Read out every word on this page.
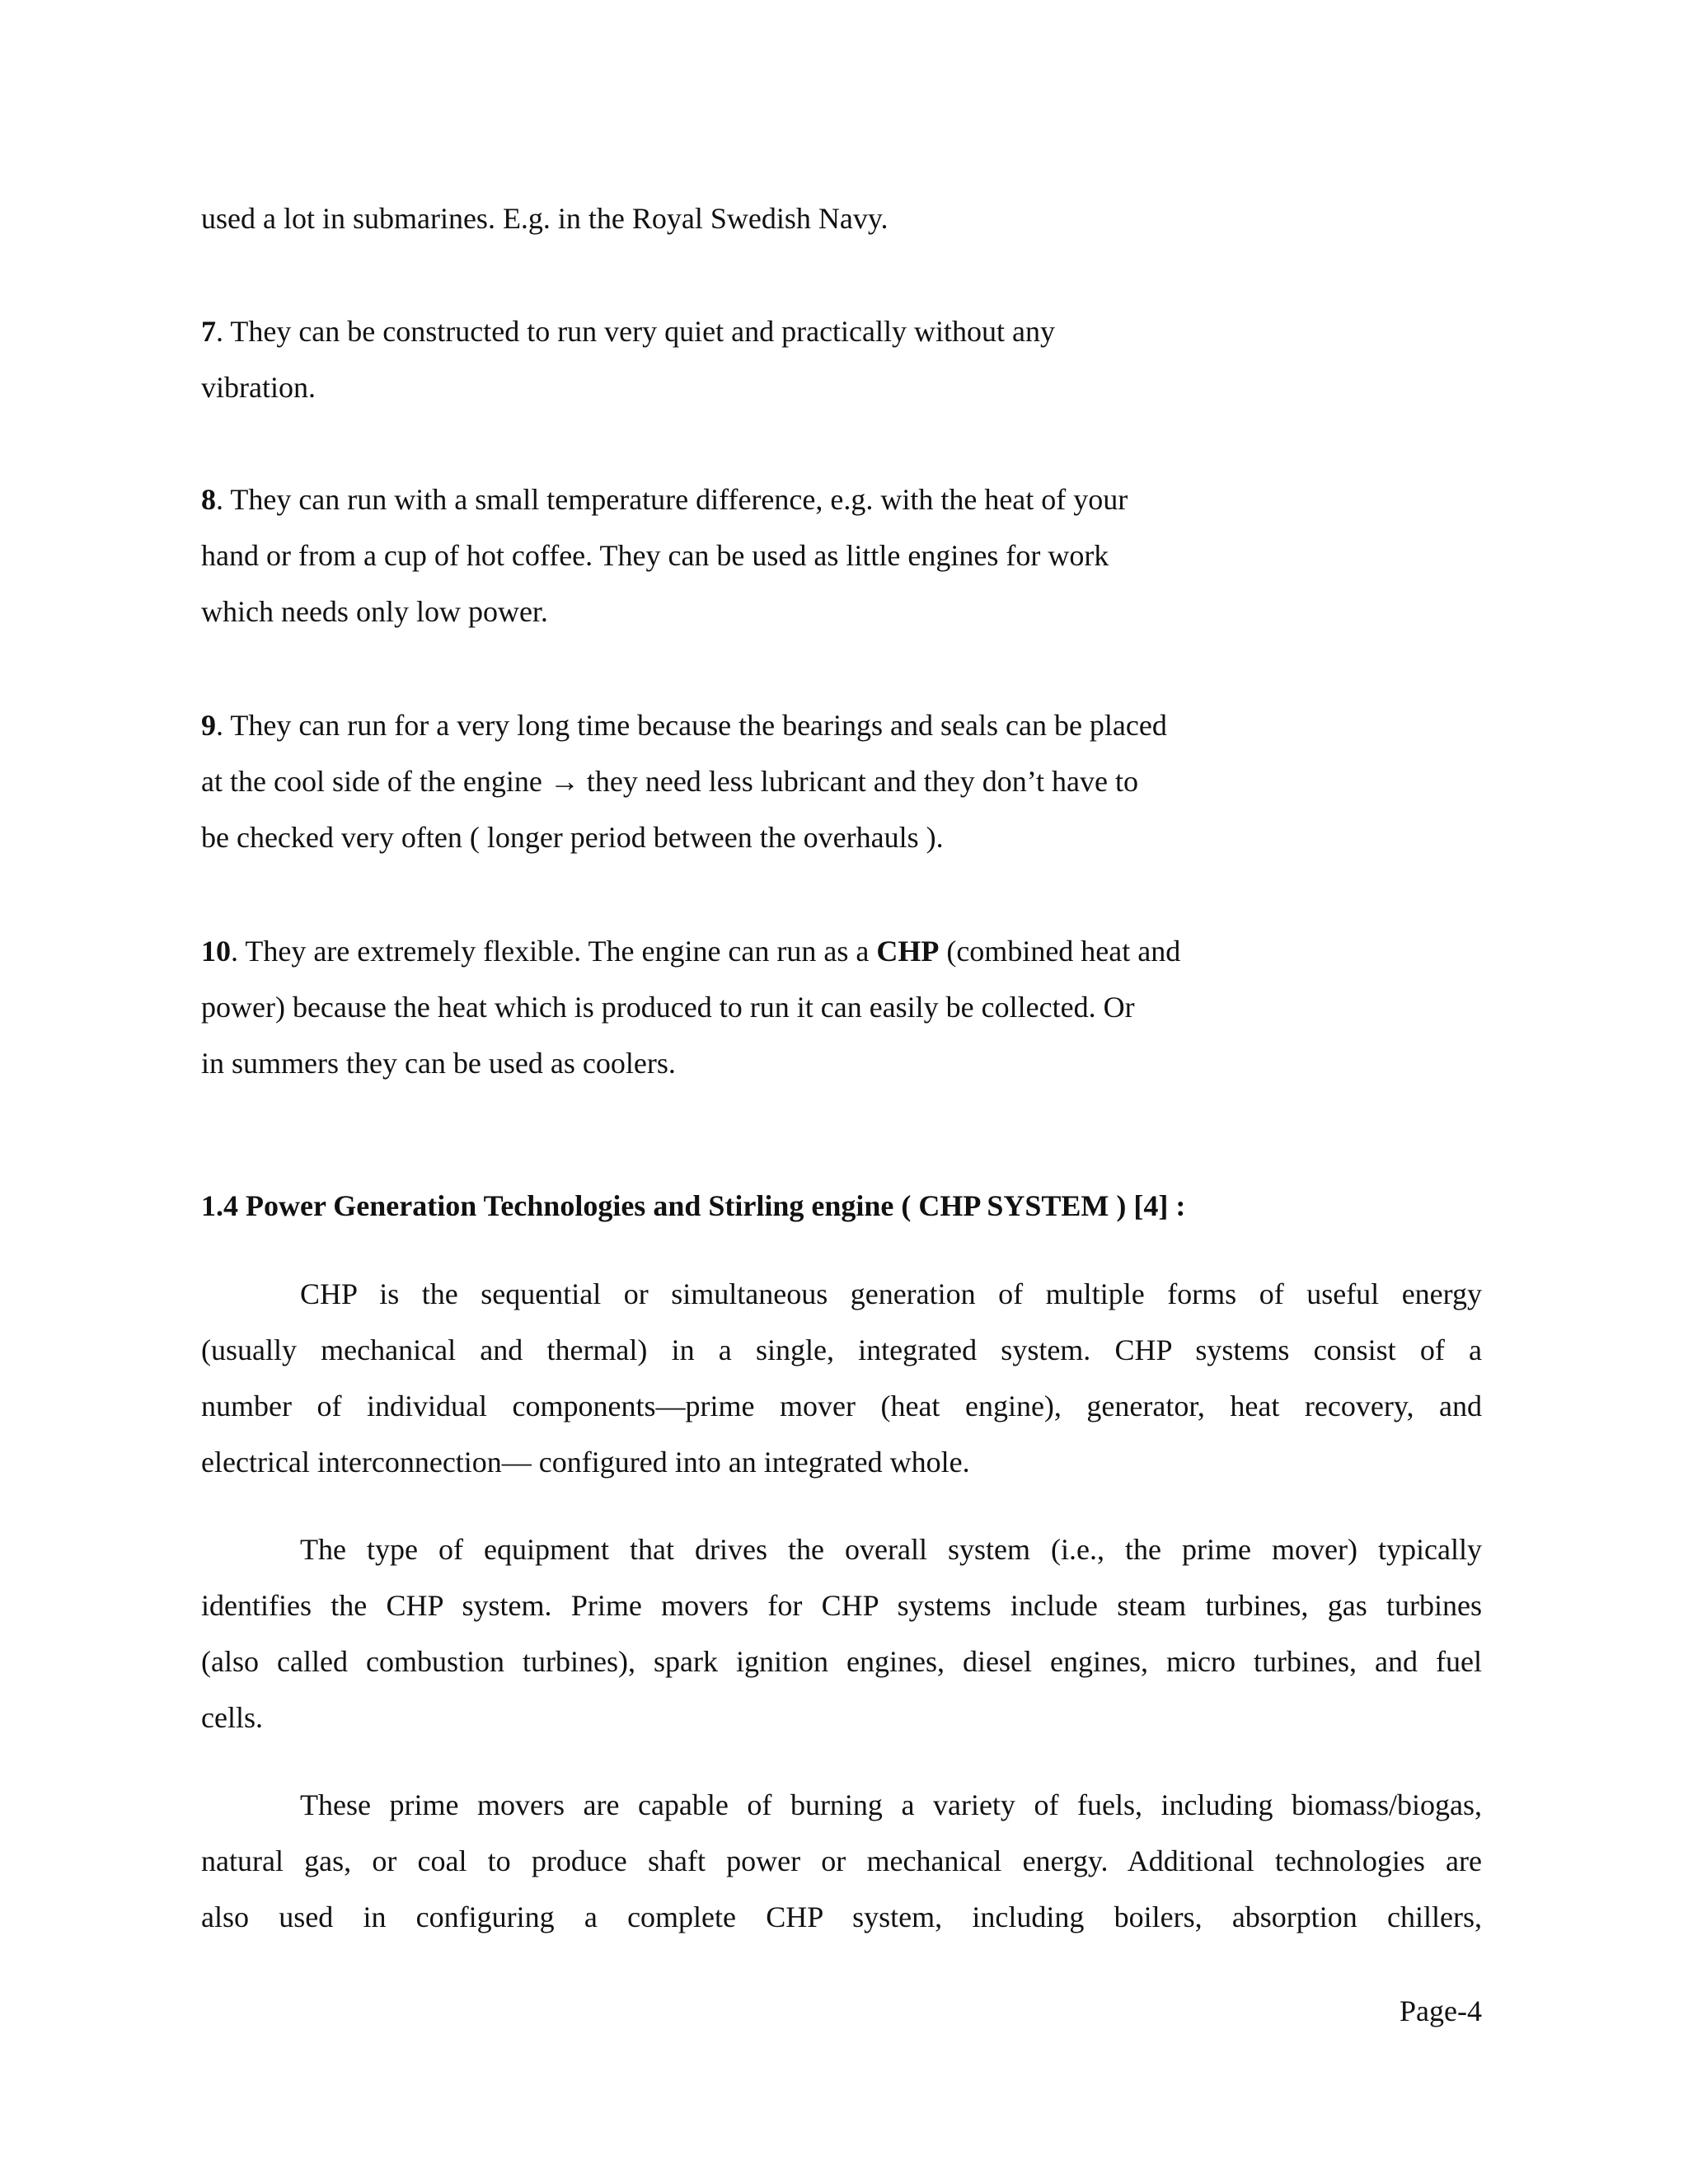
used a lot in submarines. E.g. in the Royal Swedish Navy.
7. They can be constructed to run very quiet and practically without any
vibration.
8. They can run with a small temperature difference, e.g. with the heat of your
hand or from a cup of hot coffee. They can be used as little engines for work
which needs only low power.
9. They can run for a very long time because the bearings and seals can be placed
at the cool side of the engine → they need less lubricant and they don’t have to
be checked very often ( longer period between the overhauls ).
10. They are extremely flexible. The engine can run as a CHP (combined heat and
power) because the heat which is produced to run it can easily be collected. Or
in summers they can be used as coolers.
1.4 Power Generation Technologies and Stirling engine ( CHP SYSTEM ) [4] :
CHP is the sequential or simultaneous generation of multiple forms of useful energy
(usually mechanical and thermal) in a single, integrated system. CHP systems consist of a
number of individual components—prime mover (heat engine), generator, heat recovery, and
electrical interconnection— configured into an integrated whole.
The type of equipment that drives the overall system (i.e., the prime mover) typically
identifies the CHP system. Prime movers for CHP systems include steam turbines, gas turbines
(also called combustion turbines), spark ignition engines, diesel engines, micro turbines, and fuel
cells.
These prime movers are capable of burning a variety of fuels, including biomass/biogas,
natural gas, or coal to produce shaft power or mechanical energy. Additional technologies are
also used in configuring a complete CHP system, including boilers, absorption chillers,
Page-4
